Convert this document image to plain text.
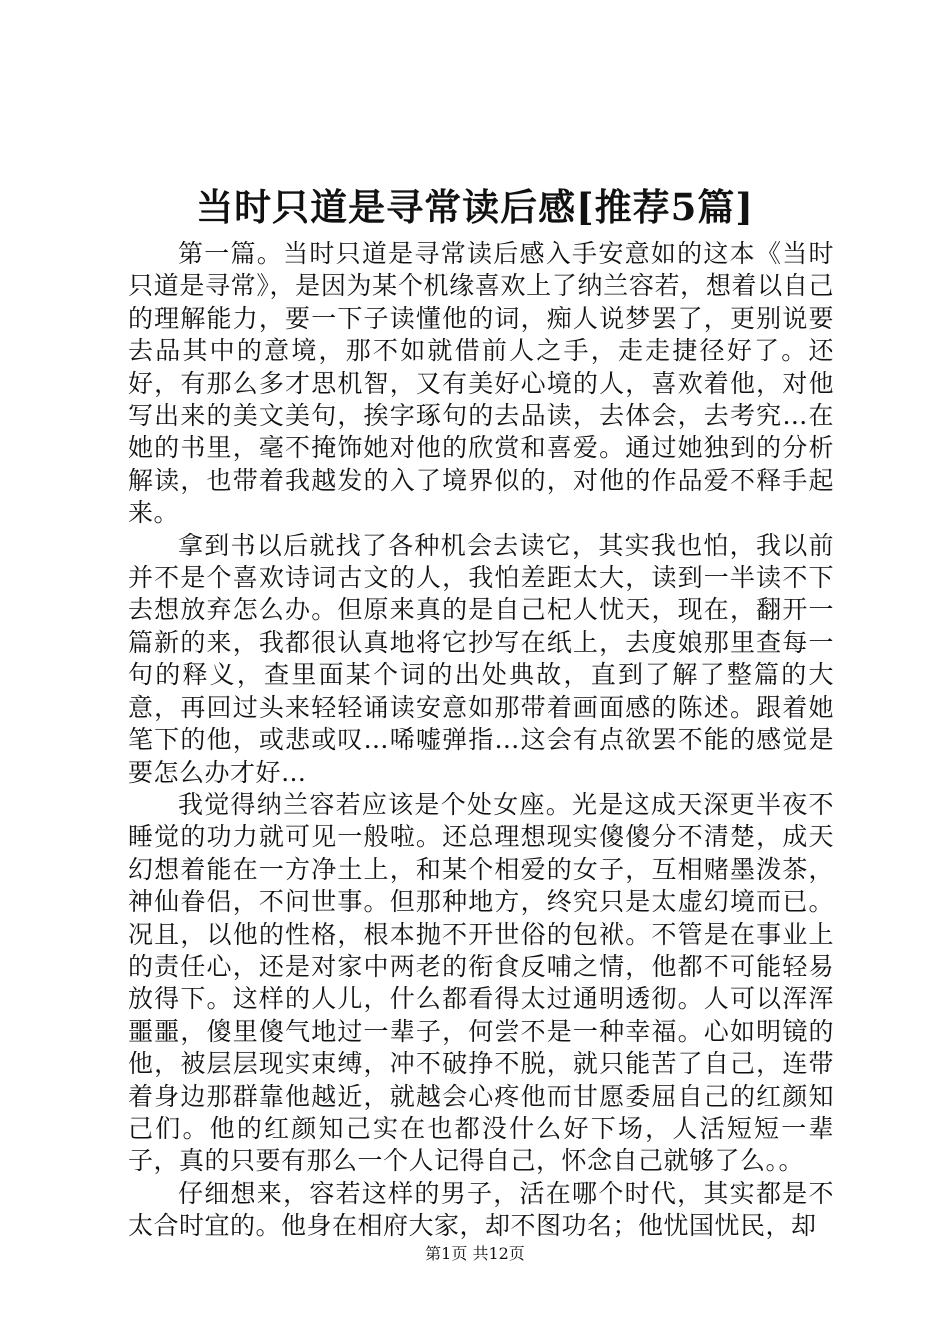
当时只道是寻常读后感[推荐5篇]

第一篇。当时只道是寻常读后感入手安意如的这本《当时只道是寻常》，是因为某个机缘喜欢上了纳兰容若，想着以自己的理解能力，要一下子读懂他的词，痴人说梦罢了，更别说要去品其中的意境，那不如就借前人之手，走走捷径好了。还好，有那么多才思机智，又有美好心境的人，喜欢着他，对他写出来的美文美句，挨字琢句的去品读，去体会，去考究…在她的书里，毫不掩饰她对他的欣赏和喜爱。通过她独到的分析解读，也带着我越发的入了境界似的，对他的作品爱不释手起来。

拿到书以后就找了各种机会去读它，其实我也怕，我以前并不是个喜欢诗词古文的人，我怕差距太大，读到一半读不下去想放弃怎么办。但原来真的是自己杞人忧天，现在，翻开一篇新的来，我都很认真地将它抄写在纸上，去度娘那里查每一句的释义，查里面某个词的出处典故，直到了解了整篇的大意，再回过头来轻轻诵读安意如那带着画面感的陈述。跟着她笔下的他，或悲或叹…唏嘘弹指…这会有点欲罢不能的感觉是要怎么办才好…

我觉得纳兰容若应该是个处女座。光是这成天深更半夜不睡觉的功力就可见一般啦。还总理想现实傻傻分不清楚，成天幻想着能在一方净土上，和某个相爱的女子，互相赌墨泼茶，神仙眷侣，不问世事。但那种地方，终究只是太虚幻境而已。况且，以他的性格，根本抛不开世俗的包袱。不管是在事业上的责任心，还是对家中两老的衔食反哺之情，他都不可能轻易放得下。这样的人儿，什么都看得太过通明透彻。人可以浑浑噩噩，傻里傻气地过一辈子，何尝不是一种幸福。心如明镜的他，被层层现实束缚，冲不破挣不脱，就只能苦了自己，连带着身边那群靠他越近，就越会心疼他而甘愿委屈自己的红颜知己们。他的红颜知己实在也都没什么好下场，人活短短一辈子，真的只要有那么一个人记得自己，怀念自己就够了么。。

仔细想来，容若这样的男子，活在哪个时代，其实都是不太合时宜的。他身在相府大家，却不图功名；他忧国忧民，却

第1页 共12页
